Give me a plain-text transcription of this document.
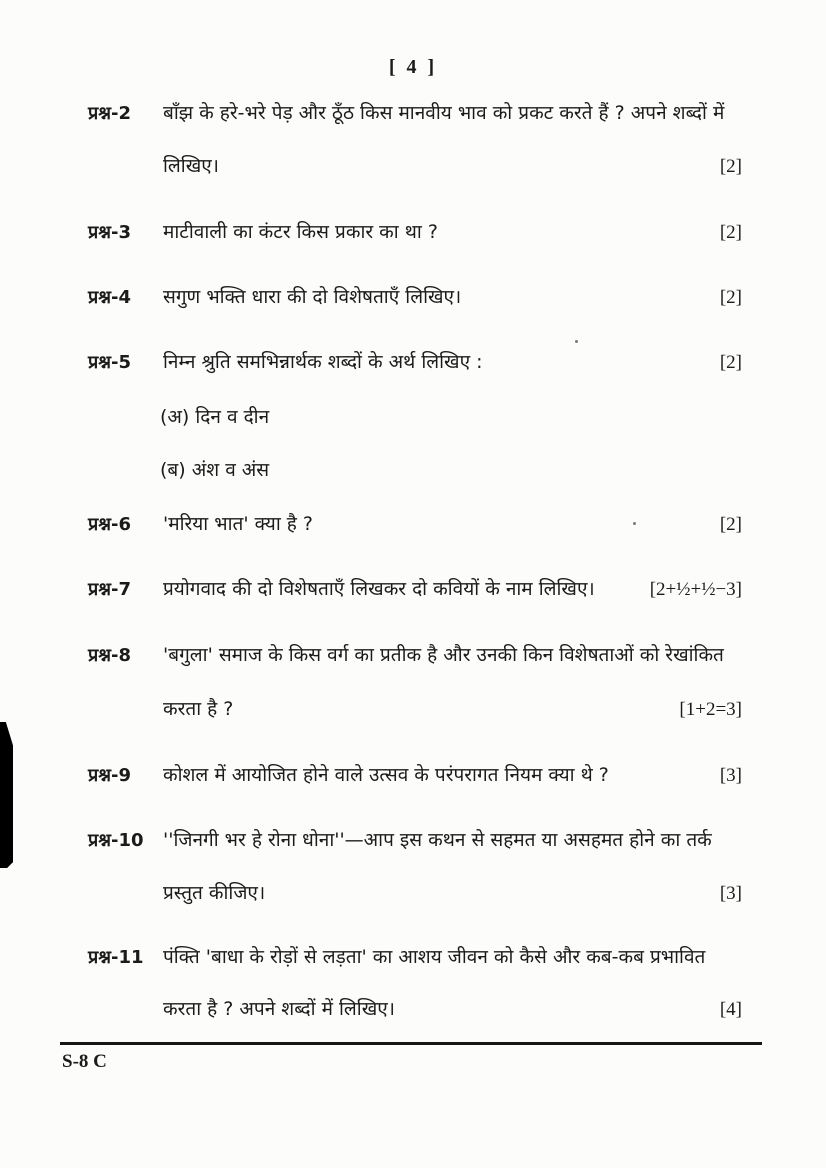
[ 4 ]
प्रश्न-2 बाँझ के हरे-भरे पेड़ और ठूँठ किस मानवीय भाव को प्रकट करते हैं ? अपने शब्दों में
लिखिए।	[2]
प्रश्न-3 माटीवाली का कंटर किस प्रकार का था ?	[2]
प्रश्न-4 सगुण भक्ति धारा की दो विशेषताएँ लिखिए।	[2]
प्रश्न-5 निम्न श्रुति समभिन्नार्थक शब्दों के अर्थ लिखिए :	[2]
(अ) दिन व दीन
(ब) अंश व अंस
प्रश्न-6 'मरिया भात' क्या है ?	[2]
प्रश्न-7 प्रयोगवाद की दो विशेषताएँ लिखकर दो कवियों के नाम लिखिए।	[2+½+½−3]
प्रश्न-8 'बगुला' समाज के किस वर्ग का प्रतीक है और उनकी किन विशेषताओं को रेखांकित
करता है ?	[1+2=3]
प्रश्न-9 कोशल में आयोजित होने वाले उत्सव के परंपरागत नियम क्या थे ?	[3]
प्रश्न-10 ''जिनगी भर हे रोना धोना''—आप इस कथन से सहमत या असहमत होने का तर्क
प्रस्तुत कीजिए।	[3]
प्रश्न-11 पंक्ति 'बाधा के रोड़ों से लड़ता' का आशय जीवन को कैसे और कब-कब प्रभावित
करता है ? अपने शब्दों में लिखिए।	[4]
S-8 C
